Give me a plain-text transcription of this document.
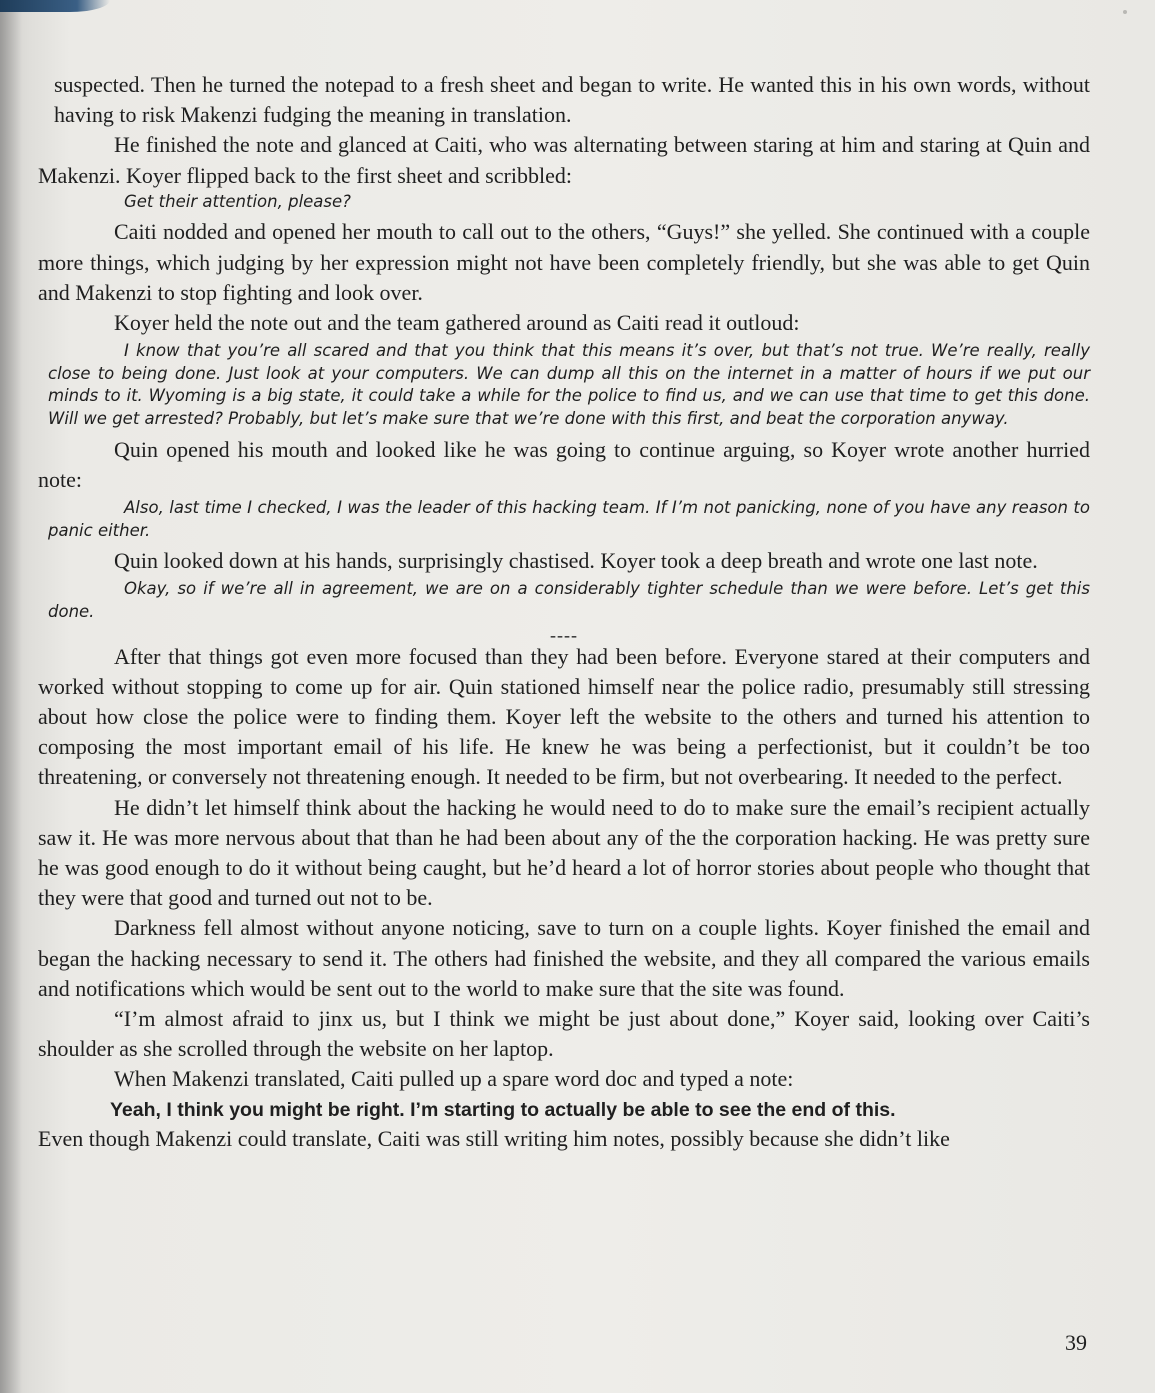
suspected. Then he turned the notepad to a fresh sheet and began to write. He wanted this in his own words, without having to risk Makenzi fudging the meaning in translation.

He finished the note and glanced at Caiti, who was alternating between staring at him and staring at Quin and Makenzi. Koyer flipped back to the first sheet and scribbled:

Get their attention, please?

Caiti nodded and opened her mouth to call out to the others, “Guys!” she yelled. She continued with a couple more things, which judging by her expression might not have been completely friendly, but she was able to get Quin and Makenzi to stop fighting and look over.

Koyer held the note out and the team gathered around as Caiti read it outloud:

I know that you’re all scared and that you think that this means it’s over, but that’s not true. We’re really, really close to being done. Just look at your computers. We can dump all this on the internet in a matter of hours if we put our minds to it. Wyoming is a big state, it could take a while for the police to find us, and we can use that time to get this done. Will we get arrested? Probably, but let’s make sure that we’re done with this first, and beat the corporation anyway.

Quin opened his mouth and looked like he was going to continue arguing, so Koyer wrote another hurried note:

Also, last time I checked, I was the leader of this hacking team. If I’m not panicking, none of you have any reason to panic either.

Quin looked down at his hands, surprisingly chastised. Koyer took a deep breath and wrote one last note.

Okay, so if we’re all in agreement, we are on a considerably tighter schedule than we were before. Let’s get this done.

----

After that things got even more focused than they had been before. Everyone stared at their computers and worked without stopping to come up for air. Quin stationed himself near the police radio, presumably still stressing about how close the police were to finding them. Koyer left the website to the others and turned his attention to composing the most important email of his life. He knew he was being a perfectionist, but it couldn’t be too threatening, or conversely not threatening enough. It needed to be firm, but not overbearing. It needed to the perfect.

He didn’t let himself think about the hacking he would need to do to make sure the email’s recipient actually saw it. He was more nervous about that than he had been about any of the the corporation hacking. He was pretty sure he was good enough to do it without being caught, but he’d heard a lot of horror stories about people who thought that they were that good and turned out not to be.

Darkness fell almost without anyone noticing, save to turn on a couple lights. Koyer finished the email and began the hacking necessary to send it. The others had finished the website, and they all compared the various emails and notifications which would be sent out to the world to make sure that the site was found.

“I’m almost afraid to jinx us, but I think we might be just about done,” Koyer said, looking over Caiti’s shoulder as she scrolled through the website on her laptop.

When Makenzi translated, Caiti pulled up a spare word doc and typed a note:

Yeah, I think you might be right. I’m starting to actually be able to see the end of this.

Even though Makenzi could translate, Caiti was still writing him notes, possibly because she didn’t like

39
